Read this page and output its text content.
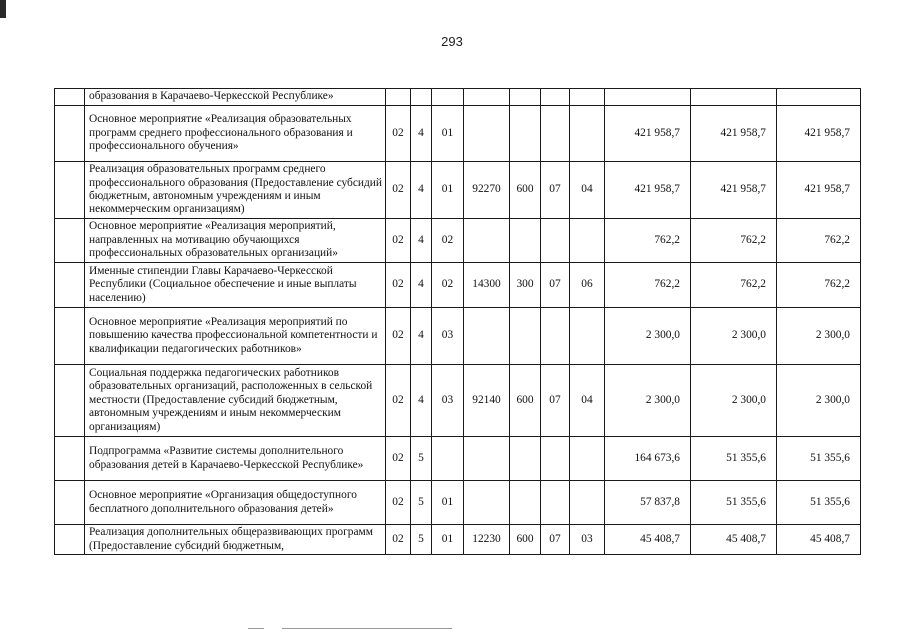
293
	образования в Карачаево-Черкесской Республике»										
	Основное мероприятие «Реализация образовательных программ среднего профессионального образования и профессионального обучения»	02	4	01					421 958,7	421 958,7	421 958,7
	Реализация образовательных программ среднего профессионального образования (Предоставление субсидий бюджетным, автономным учреждениям и иным некоммерческим организациям)	02	4	01	92270	600	07	04	421 958,7	421 958,7	421 958,7
	Основное мероприятие «Реализация мероприятий, направленных на мотивацию обучающихся профессиональных образовательных организаций»	02	4	02					762,2	762,2	762,2
	Именные стипендии Главы Карачаево-Черкесской Республики (Социальное обеспечение и иные выплаты населению)	02	4	02	14300	300	07	06	762,2	762,2	762,2
	Основное мероприятие «Реализация мероприятий по повышению качества профессиональной компетентности и квалификации педагогических работников»	02	4	03					2 300,0	2 300,0	2 300,0
	Социальная поддержка педагогических работников образовательных организаций, расположенных в сельской местности (Предоставление субсидий бюджетным, автономным учреждениям и иным некоммерческим организациям)	02	4	03	92140	600	07	04	2 300,0	2 300,0	2 300,0
	Подпрограмма «Развитие системы дополнительного образования детей в Карачаево-Черкесской Республике»	02	5						164 673,6	51 355,6	51 355,6
	Основное мероприятие «Организация общедоступного бесплатного дополнительного образования детей»	02	5	01					57 837,8	51 355,6	51 355,6
	Реализация дополнительных общеразвивающих программ (Предоставление субсидий бюджетным,	02	5	01	12230	600	07	03	45 408,7	45 408,7	45 408,7
